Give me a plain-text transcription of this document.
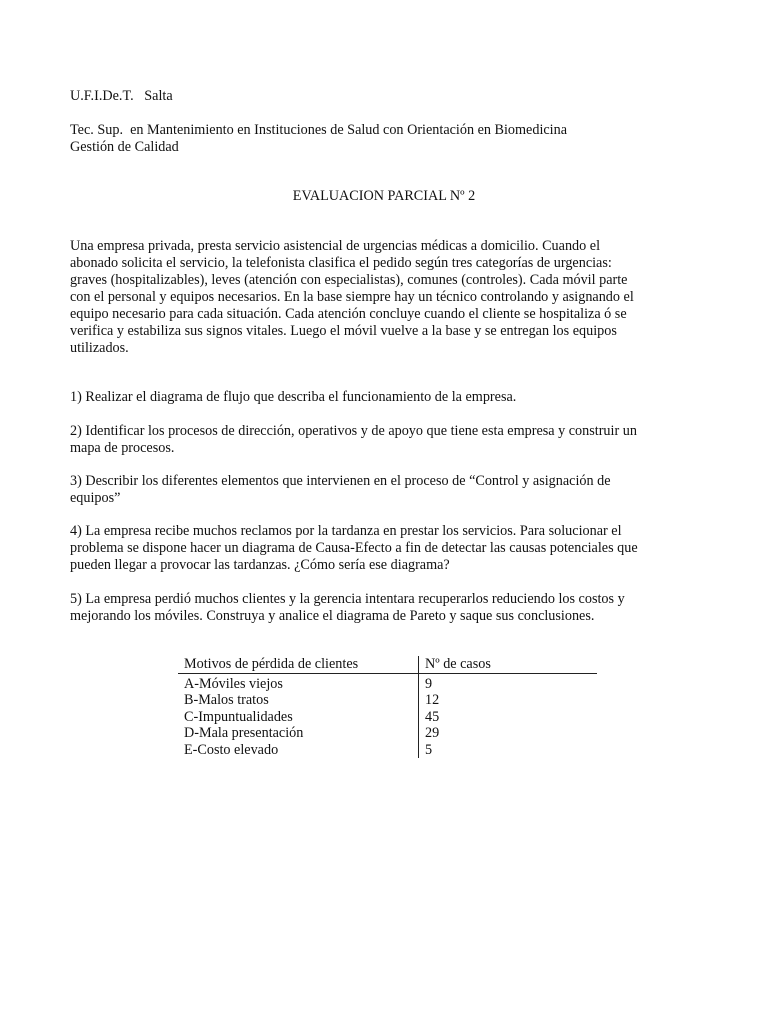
U.F.I.De.T.   Salta

Tec. Sup.  en Mantenimiento en Instituciones de Salud con Orientación en Biomedicina
Gestión de Calidad

EVALUACION PARCIAL Nº 2

Una empresa privada, presta servicio asistencial de urgencias médicas a domicilio. Cuando el
abonado solicita el servicio, la telefonista clasifica el pedido según tres categorías de urgencias:
graves (hospitalizables), leves (atención con especialistas), comunes (controles). Cada móvil parte
con el personal y equipos necesarios. En la base siempre hay un técnico controlando y asignando el
equipo necesario para cada situación. Cada atención concluye cuando el cliente se hospitaliza ó se
verifica y estabiliza sus signos vitales. Luego el móvil vuelve a la base y se entregan los equipos
utilizados.

1) Realizar el diagrama de flujo que describa el funcionamiento de la empresa.

2) Identificar los procesos de dirección, operativos y de apoyo que tiene esta empresa y construir un
mapa de procesos.

3) Describir los diferentes elementos que intervienen en el proceso de “Control y asignación de
equipos”

4) La empresa recibe muchos reclamos por la tardanza en prestar los servicios. Para solucionar el
problema se dispone hacer un diagrama de Causa-Efecto a fin de detectar las causas potenciales que
pueden llegar a provocar las tardanzas. ¿Cómo sería ese diagrama?

5) La empresa perdió muchos clientes y la gerencia intentara recuperarlos reduciendo los costos y
mejorando los móviles. Construya y analice el diagrama de Pareto y saque sus conclusiones.

Motivos de pérdida de clientes	Nº de casos
A-Móviles viejos	9
B-Malos tratos	12
C-Impuntualidades	45
D-Mala presentación	29
E-Costo elevado	5
